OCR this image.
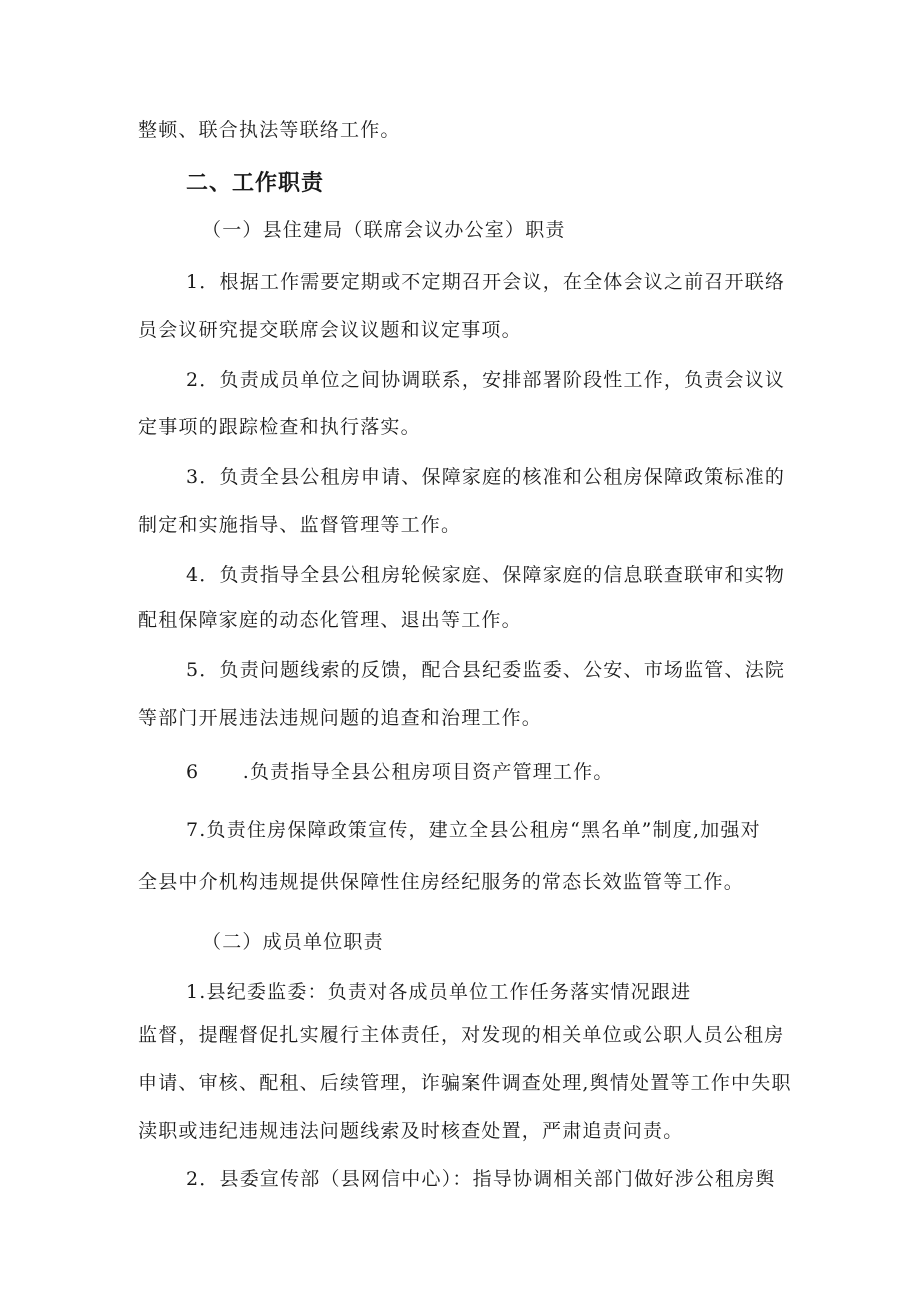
整顿、联合执法等联络工作。
二、工作职责
（一）县住建局（联席会议办公室）职责
1．根据工作需要定期或不定期召开会议，在全体会议之前召开联络
员会议研究提交联席会议议题和议定事项。
2．负责成员单位之间协调联系，安排部署阶段性工作，负责会议议
定事项的跟踪检查和执行落实。
3．负责全县公租房申请、保障家庭的核准和公租房保障政策标准的
制定和实施指导、监督管理等工作。
4．负责指导全县公租房轮候家庭、保障家庭的信息联查联审和实物
配租保障家庭的动态化管理、退出等工作。
5．负责问题线索的反馈，配合县纪委监委、公安、市场监管、法院
等部门开展违法违规问题的追查和治理工作。
6      .负责指导全县公租房项目资产管理工作。
7.负责住房保障政策宣传，建立全县公租房“黑名单”制度,加强对
全县中介机构违规提供保障性住房经纪服务的常态长效监管等工作。
（二）成员单位职责
1.县纪委监委：负责对各成员单位工作任务落实情况跟进
监督，提醒督促扎实履行主体责任，对发现的相关单位或公职人员公租房
申请、审核、配租、后续管理，诈骗案件调查处理,舆情处置等工作中失职
渎职或违纪违规违法问题线索及时核查处置，严肃追责问责。
2．县委宣传部（县网信中心）：指导协调相关部门做好涉公租房舆
